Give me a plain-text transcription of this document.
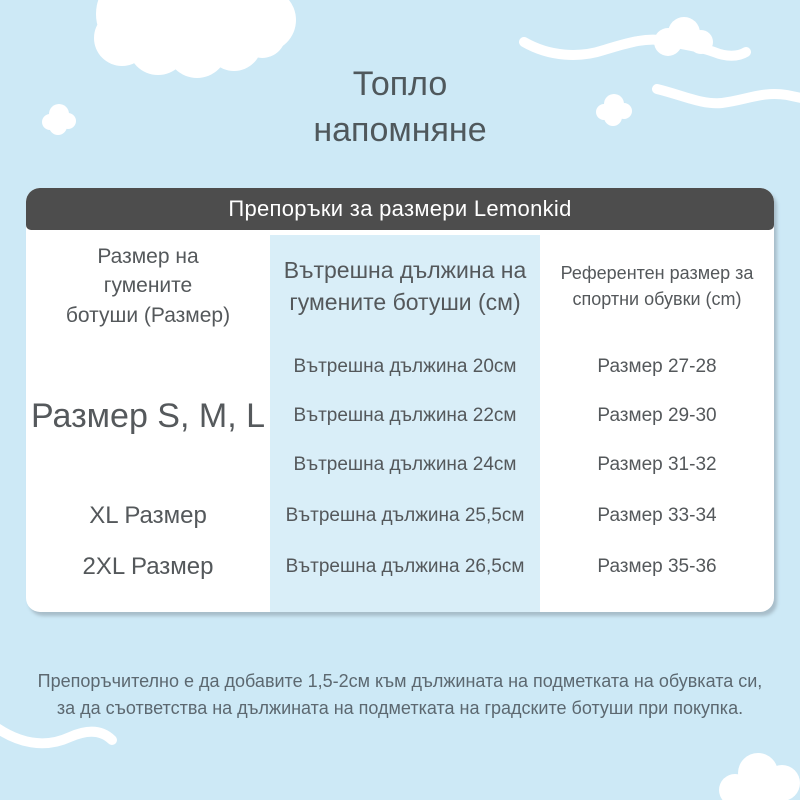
Топло
напомняне
Препоръки за размери Lemonkid
Размер на
гумените
ботуши (Размер)
Вътрешна дължина на
гумените ботуши (см)
Референтен размер за
спортни обувки (cm)
Размер S, M, L
XL Размер
2XL Размер
Вътрешна дължина 20см
Вътрешна дължина 22см
Вътрешна дължина 24см
Вътрешна дължина 25,5см
Вътрешна дължина 26,5см
Размер 27-28
Размер 29-30
Размер 31-32
Размер 33-34
Размер 35-36

Препоръчително е да добавите 1,5-2см към дължината на подметката на обувката си,
за да съответства на дължината на подметката на градските ботуши при покупка.
